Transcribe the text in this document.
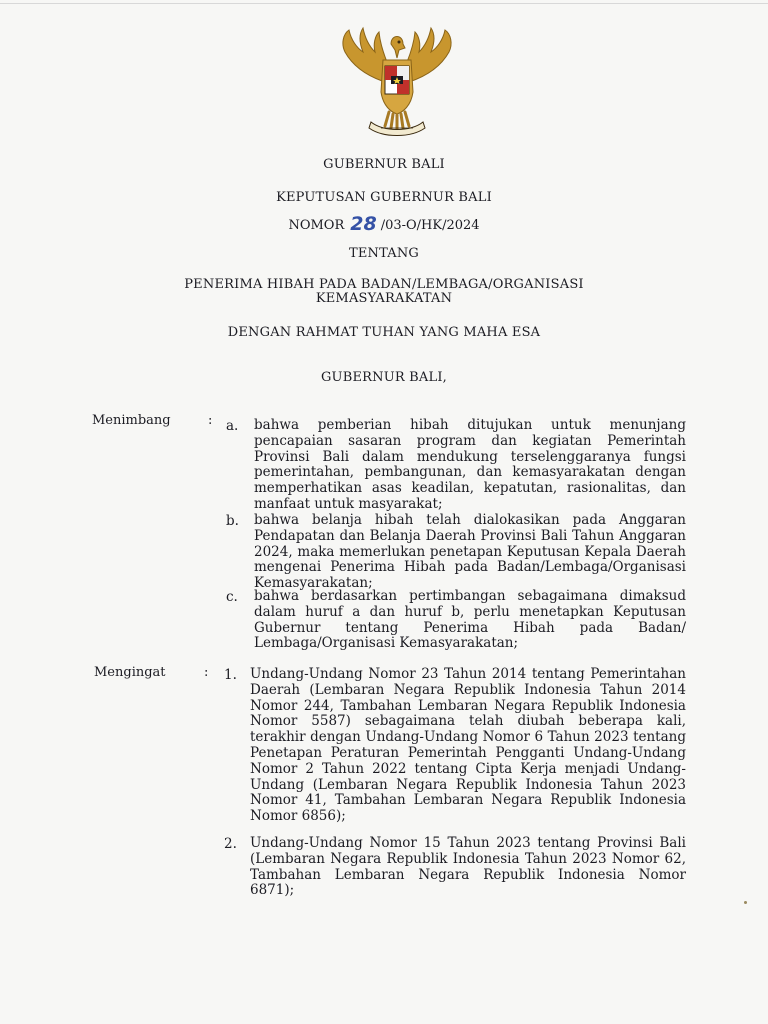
GUBERNUR BALI
KEPUTUSAN GUBERNUR BALI
NOMOR 28 /03-O/HK/2024
TENTANG
PENERIMA HIBAH PADA BADAN/LEMBAGA/ORGANISASI
KEMASYARAKATAN
DENGAN RAHMAT TUHAN YANG MAHA ESA
GUBERNUR BALI,
Menimbang	: a. bahwa pemberian hibah ditujukan untuk menunjang pencapaian sasaran program dan kegiatan Pemerintah Provinsi Bali dalam mendukung terselenggaranya fungsi pemerintahan, pembangunan, dan kemasyarakatan dengan memperhatikan asas keadilan, kepatutan, rasionalitas, dan manfaat untuk masyarakat;
b. bahwa belanja hibah telah dialokasikan pada Anggaran Pendapatan dan Belanja Daerah Provinsi Bali Tahun Anggaran 2024, maka memerlukan penetapan Keputusan Kepala Daerah mengenai Penerima Hibah pada Badan/Lembaga/Organisasi Kemasyarakatan;
c. bahwa berdasarkan pertimbangan sebagaimana dimaksud dalam huruf a dan huruf b, perlu menetapkan Keputusan Gubernur tentang Penerima Hibah pada Badan/ Lembaga/Organisasi Kemasyarakatan;
Mengingat	: 1. Undang-Undang Nomor 23 Tahun 2014 tentang Pemerintahan Daerah (Lembaran Negara Republik Indonesia Tahun 2014 Nomor 244, Tambahan Lembaran Negara Republik Indonesia Nomor 5587) sebagaimana telah diubah beberapa kali, terakhir dengan Undang-Undang Nomor 6 Tahun 2023 tentang Penetapan Peraturan Pemerintah Pengganti Undang-Undang Nomor 2 Tahun 2022 tentang Cipta Kerja menjadi Undang-Undang (Lembaran Negara Republik Indonesia Tahun 2023 Nomor 41, Tambahan Lembaran Negara Republik Indonesia Nomor 6856);
2. Undang-Undang Nomor 15 Tahun 2023 tentang Provinsi Bali (Lembaran Negara Republik Indonesia Tahun 2023 Nomor 62, Tambahan Lembaran Negara Republik Indonesia Nomor 6871);
